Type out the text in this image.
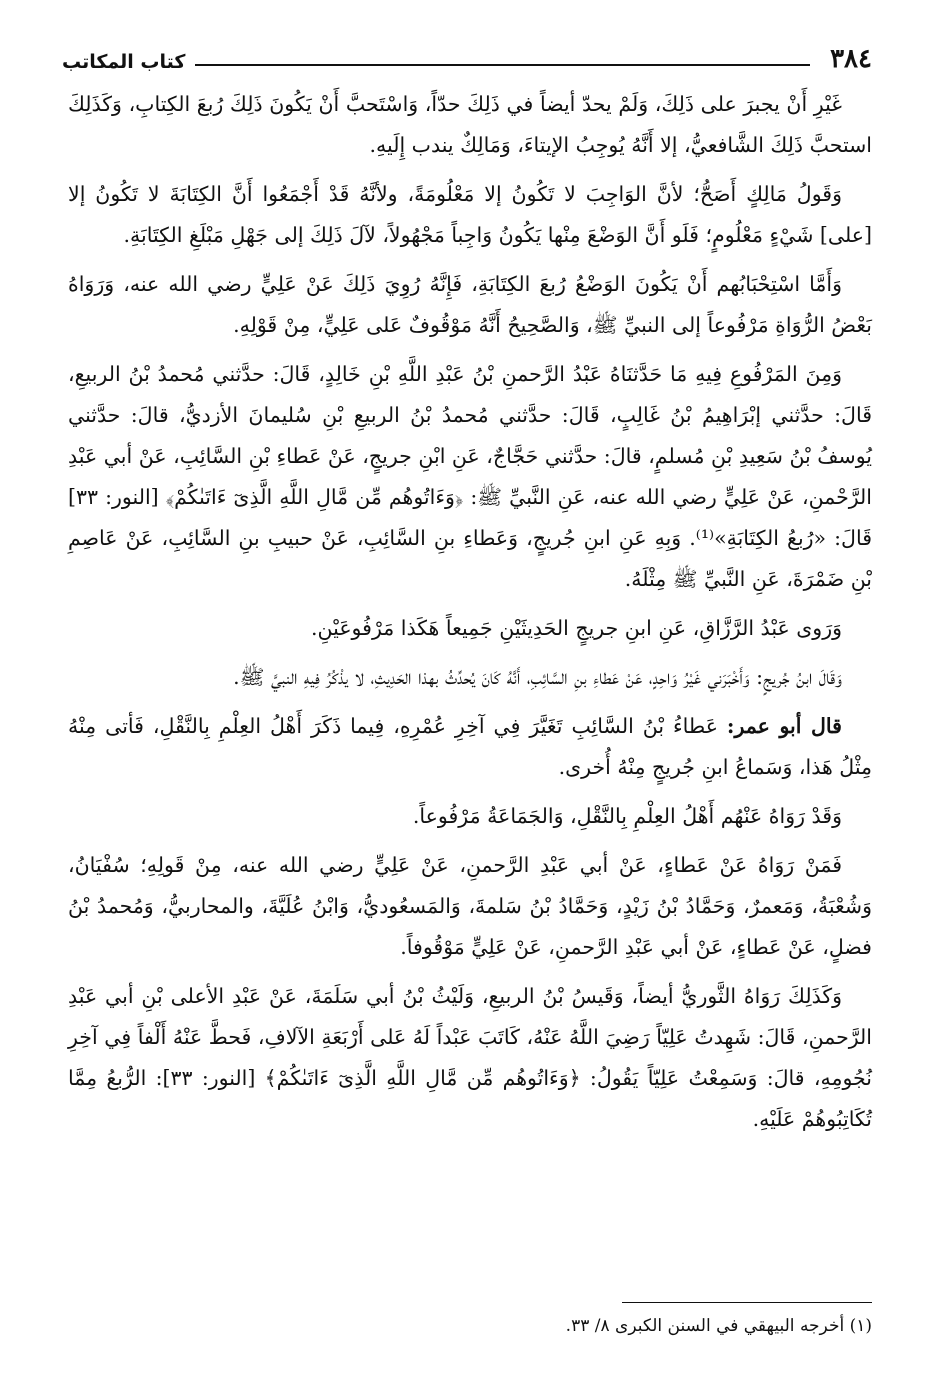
٣٨٤
كتاب المكاتب

غَيْرِ أَنْ يجبرَ على ذَلِكَ، وَلَمْ يحدّ أيضاً في ذَلِكَ حدّاً، وَاسْتَحبَّ أَنْ يَكُونَ ذَلِكَ رُبعَ الكِتابِ، وَكَذَلِكَ استحبَّ ذَلِكَ الشَّافعيُّ، إلا أَنَّهُ يُوجِبُ الإيتاءَ، وَمَالِكٌ يندب إِلَيهِ.

وَقَولُ مَالِكٍ أَصَحُّ؛ لأنَّ الوَاجِبَ لا تَكُونُ إلا مَعْلُومَةً، ولأنَّهُ قَدْ أَجْمَعُوا أَنَّ الكِتَابَةَ لا تَكُونُ إلا [على] شَيْءٍ مَعْلُومٍ؛ فَلَو أَنَّ الوَضْعَ مِنْها يَكُونُ وَاجِباً مَجْهُولاً، لآلَ ذَلِكَ إلى جَهْلِ مَبْلَغِ الكِتَابَةِ.

وَأَمَّا اسْتِحْبَابُهم أَنْ يَكُونَ الوَضْعُ رُبعَ الكِتَابَةِ، فَإِنَّهُ رُوِيَ ذَلِكَ عَنْ عَلِيٍّ رضي الله عنه، وَرَوَاهُ بَعْضُ الرُّوَاةِ مَرْفُوعاً إلى النبيِّ ﷺ، وَالصَّحِيحُ أَنَّهُ مَوْقُوفٌ عَلى عَلِيٍّ، مِنْ قَوْلِهِ.

وَمِنَ المَرْفُوعِ فِيهِ مَا حَدَّثنَاهُ عَبْدُ الرَّحمنِ بْنُ عَبْدِ اللَّهِ بْنِ خَالِدٍ، قَالَ: حدَّثني مُحمدُ بْنُ الربيعِ، قَالَ: حدَّثني إبْرَاهِيمُ بْنُ غَالِبٍ، قَالَ: حدَّثني مُحمدُ بْنُ الربيعِ بْنِ سُليمانَ الأزديُّ، قالَ: حدَّثني يُوسفُ بْنُ سَعِيدِ بْنِ مُسلمٍ، قالَ: حدَّثني حَجَّاجٌ، عَنِ ابْنِ جريجٍ، عَنْ عَطاءِ بْنِ السَّائِبِ، عَنْ أبي عَبْدِ الرَّحْمنِ، عَنْ عَلِيٍّ رضي الله عنه، عَنِ النَّبيِّ ﷺ: ﴿وَءَاتُوهُم مِّن مَّالِ اللَّهِ الَّذِىٓ ءَاتَىٰكُمْ﴾ [النور: ٣٣] قَالَ: «رُبعُ الكِتَابَةِ»⁽¹⁾. وَبِهِ عَنِ ابنِ جُريجٍ، وَعَطاءِ بنِ السَّائِبِ، عَنْ حبيبِ بنِ السَّائِبِ، عَنْ عَاصِمِ بْنِ ضَمْرَةَ، عَنِ النَّبيِّ ﷺ مِثْلَهُ.

وَرَوى عَبْدُ الرَّزَّاقِ، عَنِ ابنِ جريجٍ الحَدِيثَيْنِ جَمِيعاً هَكَذا مَرْفُوعَيْنِ.

وَقَالَ ابنُ جُريجٍ: وَأَخْبَرَني غَيْرُ وَاحِدٍ، عَنْ عَطاءِ بنِ السَّائِبِ، أَنَّهُ كَانَ يُحدِّثُ بهذا الحَدِيثِ، لا يذْكُرُ فِيهِ النبيَّ ﷺ.

قال أبو عمر: عَطاءُ بْنُ السَّائِبِ تَغَيَّرَ فِي آخِرِ عُمْرِهِ، فِيما ذَكَرَ أَهْلُ العِلْمِ بِالنَّقْلِ، فَأتى مِنْهُ مِثْلُ هَذا، وَسَماعُ ابنِ جُريجٍ مِنْهُ أُخرى.

وَقَدْ رَوَاهُ عَنْهُم أَهْلُ العِلْمِ بِالنَّقْلِ، وَالجَمَاعَةُ مَرْفُوعاً.

فَمَنْ رَوَاهُ عَنْ عَطاءٍ، عَنْ أبي عَبْدِ الرَّحمنِ، عَنْ عَلِيٍّ رضي الله عنه، مِنْ قَولِهِ؛ سُفْيَانُ، وَشُعْبَةُ، وَمَعمرٌ، وَحَمَّادُ بْنُ زَيْدٍ، وَحَمَّادُ بْنُ سَلمةَ، وَالمَسعُوديُّ، وَابْنُ عُلَيَّةَ، والمحاربيُّ، وَمُحمدُ بْنُ فضلٍ، عَنْ عَطاءٍ، عَنْ أبي عَبْدِ الرَّحمنِ، عَنْ عَلِيٍّ مَوْقُوفاً.

وَكَذَلِكَ رَوَاهُ الثَّوريُّ أيضاً، وَقَيسُ بْنُ الربيعِ، وَلَيْثُ بْنُ أبي سَلَمَةَ، عَنْ عَبْدِ الأعلى بْنِ أبي عَبْدِ الرَّحمنِ، قَالَ: شَهِدتُ عَلِيّاً رَضِيَ اللَّهُ عَنْهُ، كَاتَبَ عَبْداً لَهُ عَلى أَرْبَعَةِ الآلافِ، فَحطَّ عَنْهُ أَلْفاً فِي آخِرِ نُجُومِهِ، قالَ: وَسَمِعْتُ عَلِيّاً يَقُولُ: ﴿وَءَاتُوهُم مِّن مَّالِ اللَّهِ الَّذِىٓ ءَاتَىٰكُمْ﴾ [النور: ٣٣]: الرُّبعُ مِمَّا تُكَاتِبُوهُمْ عَلَيْهِ.

(١) أخرجه البيهقي في السنن الكبرى ٨/ ٣٣.
